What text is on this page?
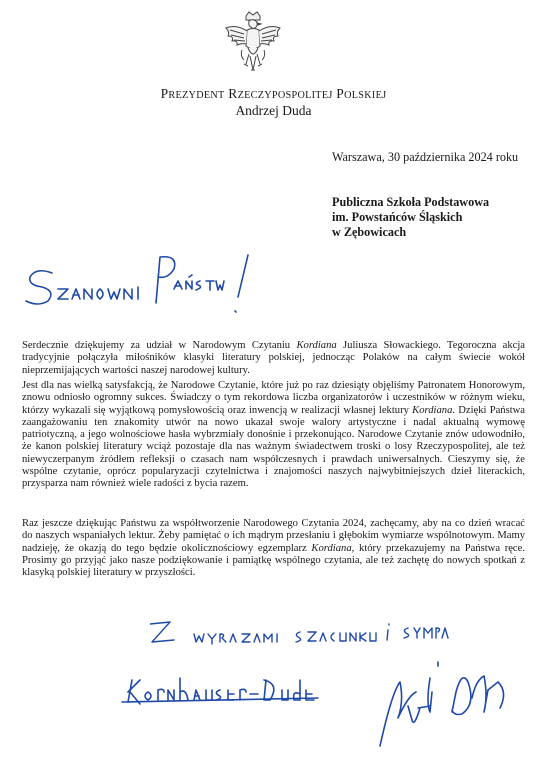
PREZYDENT RZECZYPOSPOLITEJ POLSKIEJ
Andrzej Duda
Warszawa, 30 października 2024 roku
Publiczna Szkoła Podstawowa
im. Powstańców Śląskich
w Zębowicach

Serdecznie dziękujemy za udział w Narodowym Czytaniu Kordiana Juliusza Słowackiego. Tegoroczna akcja tradycyjnie połączyła miłośników klasyki literatury polskiej, jednocząc Polaków na całym świecie wokół nieprzemijających wartości naszej narodowej kultury.

Jest dla nas wielką satysfakcją, że Narodowe Czytanie, które już po raz dziesiąty objęliśmy Patronatem Honorowym, znowu odniosło ogromny sukces. Świadczy o tym rekordowa liczba organizatorów i uczestników w różnym wieku, którzy wykazali się wyjątkową pomysłowością oraz inwencją w realizacji własnej lektury Kordiana. Dzięki Państwa zaangażowaniu ten znakomity utwór na nowo ukazał swoje walory artystyczne i nadal aktualną wymowę patriotyczną, a jego wolnościowe hasła wybrzmiały donośnie i przekonująco. Narodowe Czytanie znów udowodniło, że kanon polskiej literatury wciąż pozostaje dla nas ważnym świadectwem troski o losy Rzeczypospolitej, ale też niewyczerpanym źródłem refleksji o czasach nam współczesnych i prawdach uniwersalnych. Cieszymy się, że wspólne czytanie, oprócz popularyzacji czytelnictwa i znajomości naszych najwybitniejszych dzieł literackich, przysparza nam również wiele radości z bycia razem.

Raz jeszcze dziękując Państwu za współtworzenie Narodowego Czytania 2024, zachęcamy, aby na co dzień wracać do naszych wspaniałych lektur. Żeby pamiętać o ich mądrym przesłaniu i głębokim wymiarze wspólnotowym. Mamy nadzieję, że okazją do tego będzie okolicznościowy egzemplarz Kordiana, który przekazujemy na Państwa ręce. Prosimy go przyjąć jako nasze podziękowanie i pamiątkę wspólnego czytania, ale też zachętę do nowych spotkań z klasyką polskiej literatury w przyszłości.
